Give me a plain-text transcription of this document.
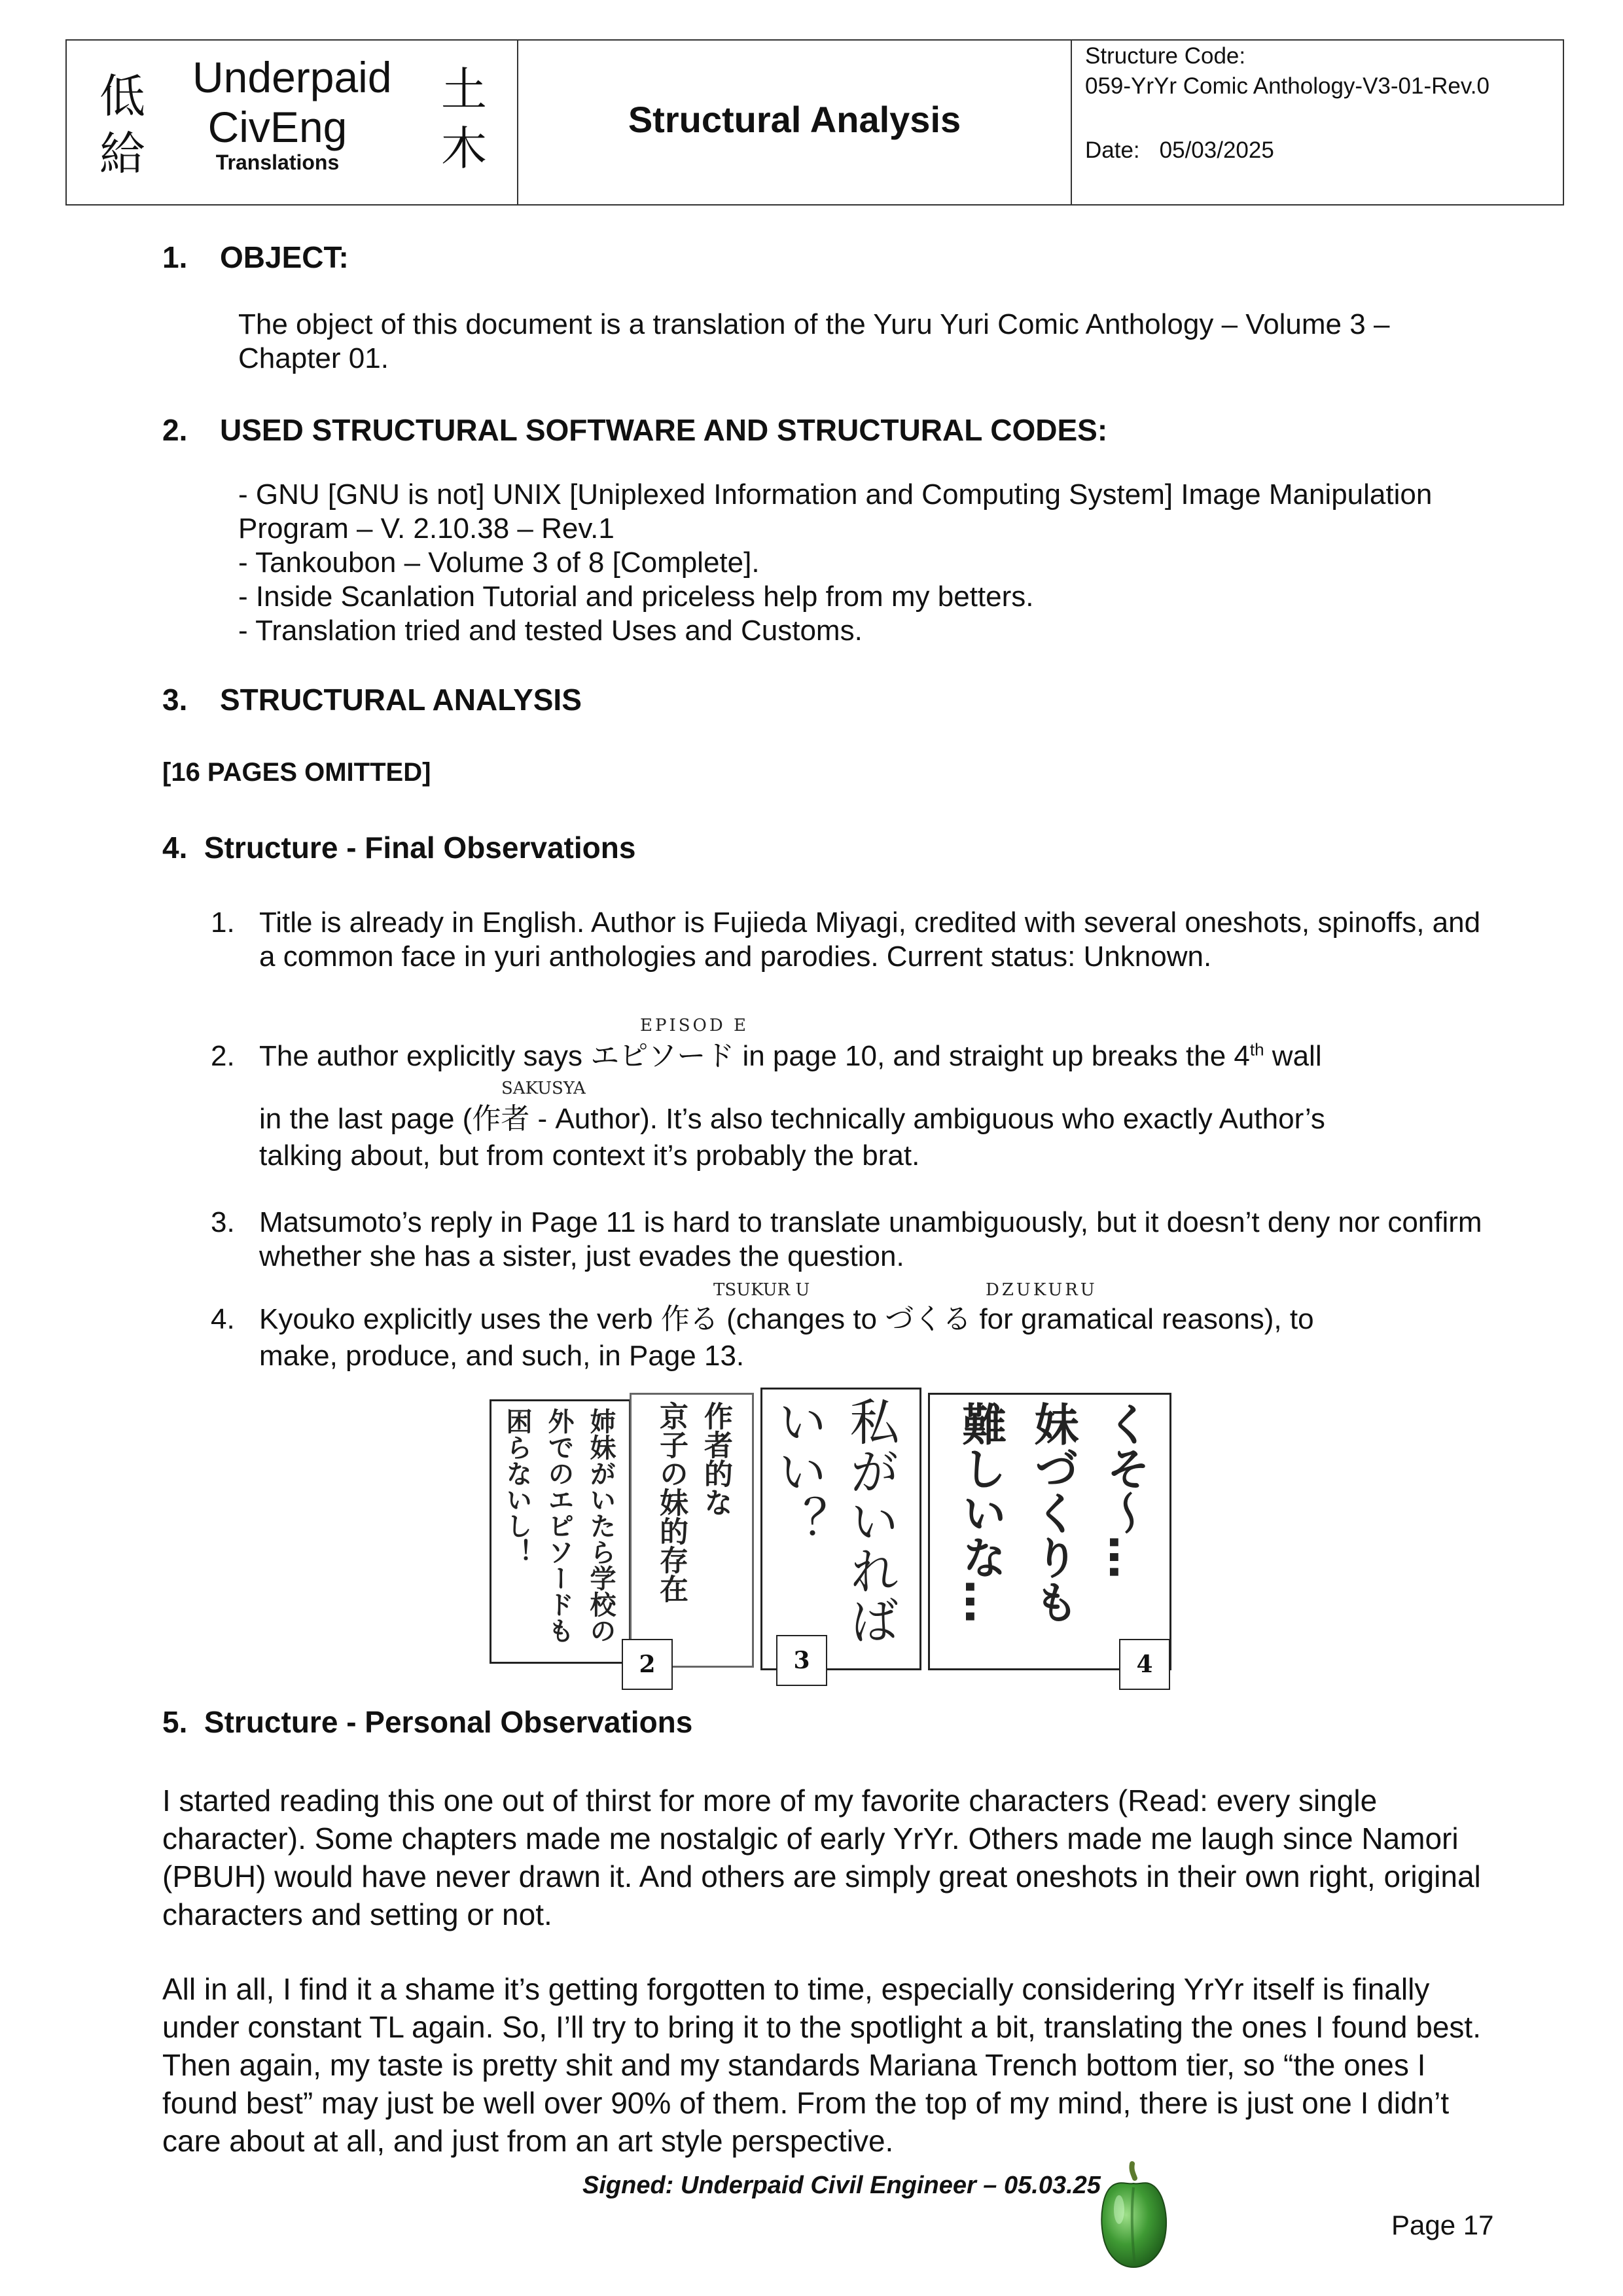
低
給
土
木
Underpaid
CivEng
Translations
Structural Analysis
Structure Code:
059-YrYr Comic Anthology-V3-01-Rev.0
Date: 05/03/2025
1. OBJECT:
The object of this document is a translation of the Yuru Yuri Comic Anthology – Volume 3 – Chapter 01.
2. USED STRUCTURAL SOFTWARE AND STRUCTURAL CODES:
- GNU [GNU is not] UNIX [Uniplexed Information and Computing System] Image Manipulation Program – V. 2.10.38 – Rev.1
- Tankoubon – Volume 3 of 8 [Complete].
- Inside Scanlation Tutorial and priceless help from my betters.
- Translation tried and tested Uses and Customs.
3. STRUCTURAL ANALYSIS
[16 PAGES OMITTED]
4.  Structure - Final Observations
1. Title is already in English. Author is Fujieda Miyagi, credited with several oneshots, spinoffs, and a common face in yuri anthologies and parodies. Current status: Unknown.
2.
EPISOD E
The author explicitly says エピソード in page 10, and straight up breaks the 4th wall
SAKUSYA
in the last page (作者 - Author). It’s also technically ambiguous who exactly Author’s
talking about, but from context it’s probably the brat.
3. Matsumoto’s reply in Page 11 is hard to translate unambiguously, but it doesn’t deny nor confirm whether she has a sister, just evades the question.
4.
TSUKUR U	DZUKURU
Kyouko explicitly uses the verb 作る (changes to づくる for gramatical reasons), to
make, produce, and such, in Page 13.
姉妹がいたら学校の
外でのエピソードも
困らないし！	作者的な
京子の妹的存在	私がいれば
いい？	くそ〜…
妹づくりも
難しいな…
2	3	4
5.  Structure - Personal Observations
I started reading this one out of thirst for more of my favorite characters (Read: every single character). Some chapters made me nostalgic of early YrYr. Others made me laugh since Namori (PBUH) would have never drawn it. And others are simply great oneshots in their own right, original characters and setting or not.
All in all, I find it a shame it’s getting forgotten to time, especially considering YrYr itself is finally under constant TL again. So, I’ll try to bring it to the spotlight a bit, translating the ones I found best. Then again, my taste is pretty shit and my standards Mariana Trench bottom tier, so “the ones I found best” may just be well over 90% of them. From the top of my mind, there is just one I didn’t care about at all, and just from an art style perspective.
Signed: Underpaid Civil Engineer – 05.03.25
Page 17
